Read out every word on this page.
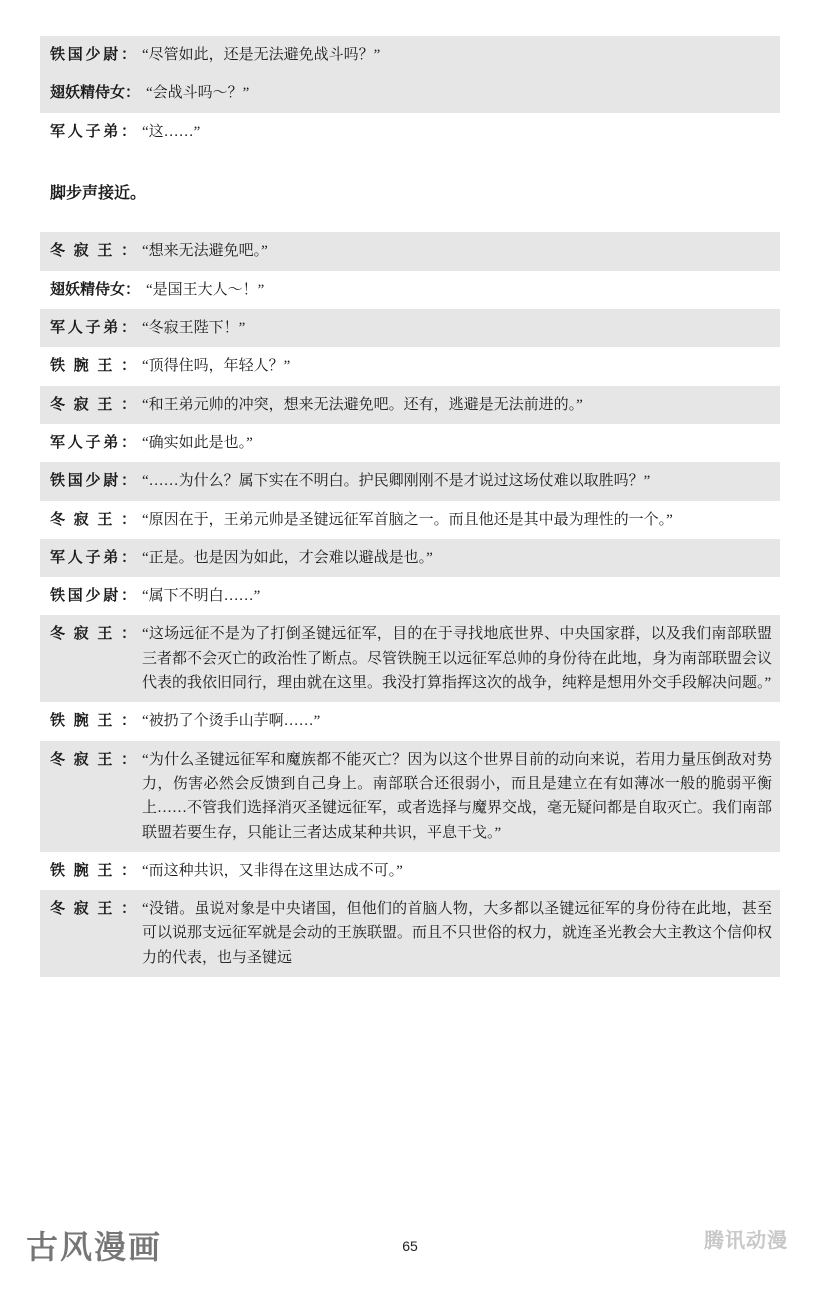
铁国少尉： “尽管如此，还是无法避免战斗吗？”
翅妖精侍女： “会战斗吗～？”
军人子弟： “这……”
脚步声接近。
冬寂王： “想来无法避免吧。”
翅妖精侍女： “是国王大人～！”
军人子弟： “冬寂王陛下！”
铁腕王： “顶得住吗，年轻人？”
冬寂王： “和王弟元帅的冲突，想来无法避免吧。还有，逃避是无法前进的。”
军人子弟： “确实如此是也。”
铁国少尉： “……为什么？属下实在不明白。护民卿刚刚不是才说过这场仗难以取胜吗？”
冬寂王： “原因在于，王弟元帅是圣键远征军首脑之一。而且他还是其中最为理性的一个。”
军人子弟： “正是。也是因为如此，才会难以避战是也。”
铁国少尉： “属下不明白……”
冬寂王： “这场远征不是为了打倒圣键远征军，目的在于寻找地底世界、中央国家群，以及我们南部联盟三者都不会灭亡的政治性了断点。尽管铁腕王以远征军总帅的身份待在此地，身为南部联盟会议代表的我依旧同行，理由就在这里。我没打算指挥这次的战争，纯粹是想用外交手段解决问题。”
铁腕王： “被扔了个烫手山芋啊……”
冬寂王： “为什么圣键远征军和魔族都不能灭亡？因为以这个世界目前的动向来说，若用力量压倒敌对势力，伤害必然会反馈到自己身上。南部联合还很弱小，而且是建立在有如薄冰一般的脆弱平衡上……不管我们选择消灭圣键远征军，或者选择与魔界交战，毫无疑问都是自取灭亡。我们南部联盟若要生存，只能让三者达成某种共识，平息干戈。”
铁腕王： “而这种共识，又非得在这里达成不可。”
冬寂王： “没错。虽说对象是中央诸国，但他们的首脑人物，大多都以圣键远征军的身份待在此地，甚至可以说那支远征军就是会动的王族联盟。而且不只世俗的权力，就连圣光教会大主教这个信仰权力的代表，也与圣键远
古风漫画	65	腾讯动漫
